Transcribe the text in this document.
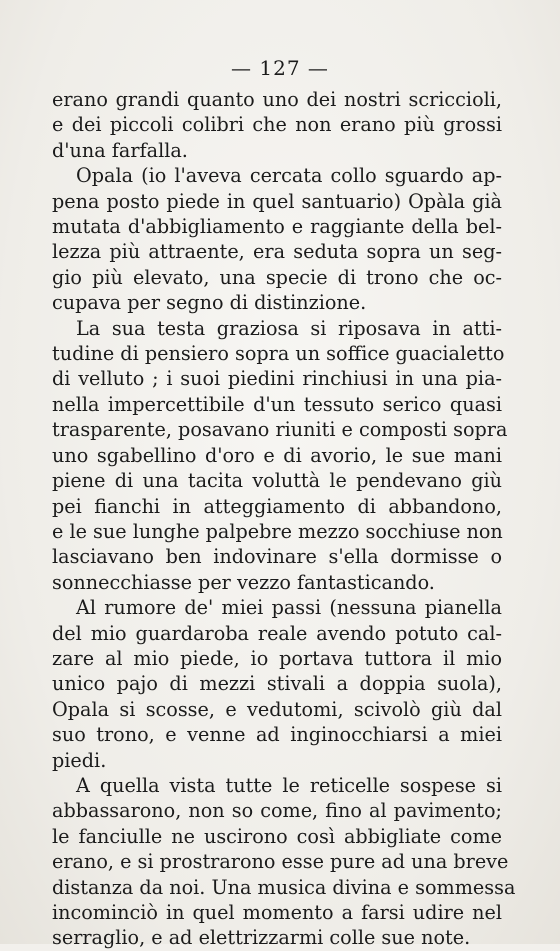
— 127 —
erano grandi quanto uno dei nostri scriccioli,
e dei piccoli colibri che non erano più grossi
d'una farfalla.
Opala (io l'aveva cercata collo sguardo ap-
pena posto piede in quel santuario) Opàla già
mutata d'abbigliamento e raggiante della bel-
lezza più attraente, era seduta sopra un seg-
gio più elevato, una specie di trono che oc-
cupava per segno di distinzione.
La sua testa graziosa si riposava in atti-
tudine di pensiero sopra un soffice guacialetto
di velluto ; i suoi piedini rinchiusi in una pia-
nella impercettibile d'un tessuto serico quasi
trasparente, posavano riuniti e composti sopra
uno sgabellino d'oro e di avorio, le sue mani
piene di una tacita voluttà le pendevano giù
pei fianchi in atteggiamento di abbandono,
e le sue lunghe palpebre mezzo socchiuse non
lasciavano ben indovinare s'ella dormisse o
sonnecchiasse per vezzo fantasticando.
Al rumore de' miei passi (nessuna pianella
del mio guardaroba reale avendo potuto cal-
zare al mio piede, io portava tuttora il mio
unico pajo di mezzi stivali a doppia suola),
Opala si scosse, e vedutomi, scivolò giù dal
suo trono, e venne ad inginocchiarsi a miei
piedi.
A quella vista tutte le reticelle sospese si
abbassarono, non so come, fino al pavimento;
le fanciulle ne uscirono così abbigliate come
erano, e si prostrarono esse pure ad una breve
distanza da noi. Una musica divina e sommessa
incominciò in quel momento a farsi udire nel
serraglio, e ad elettrizzarmi colle sue note.
